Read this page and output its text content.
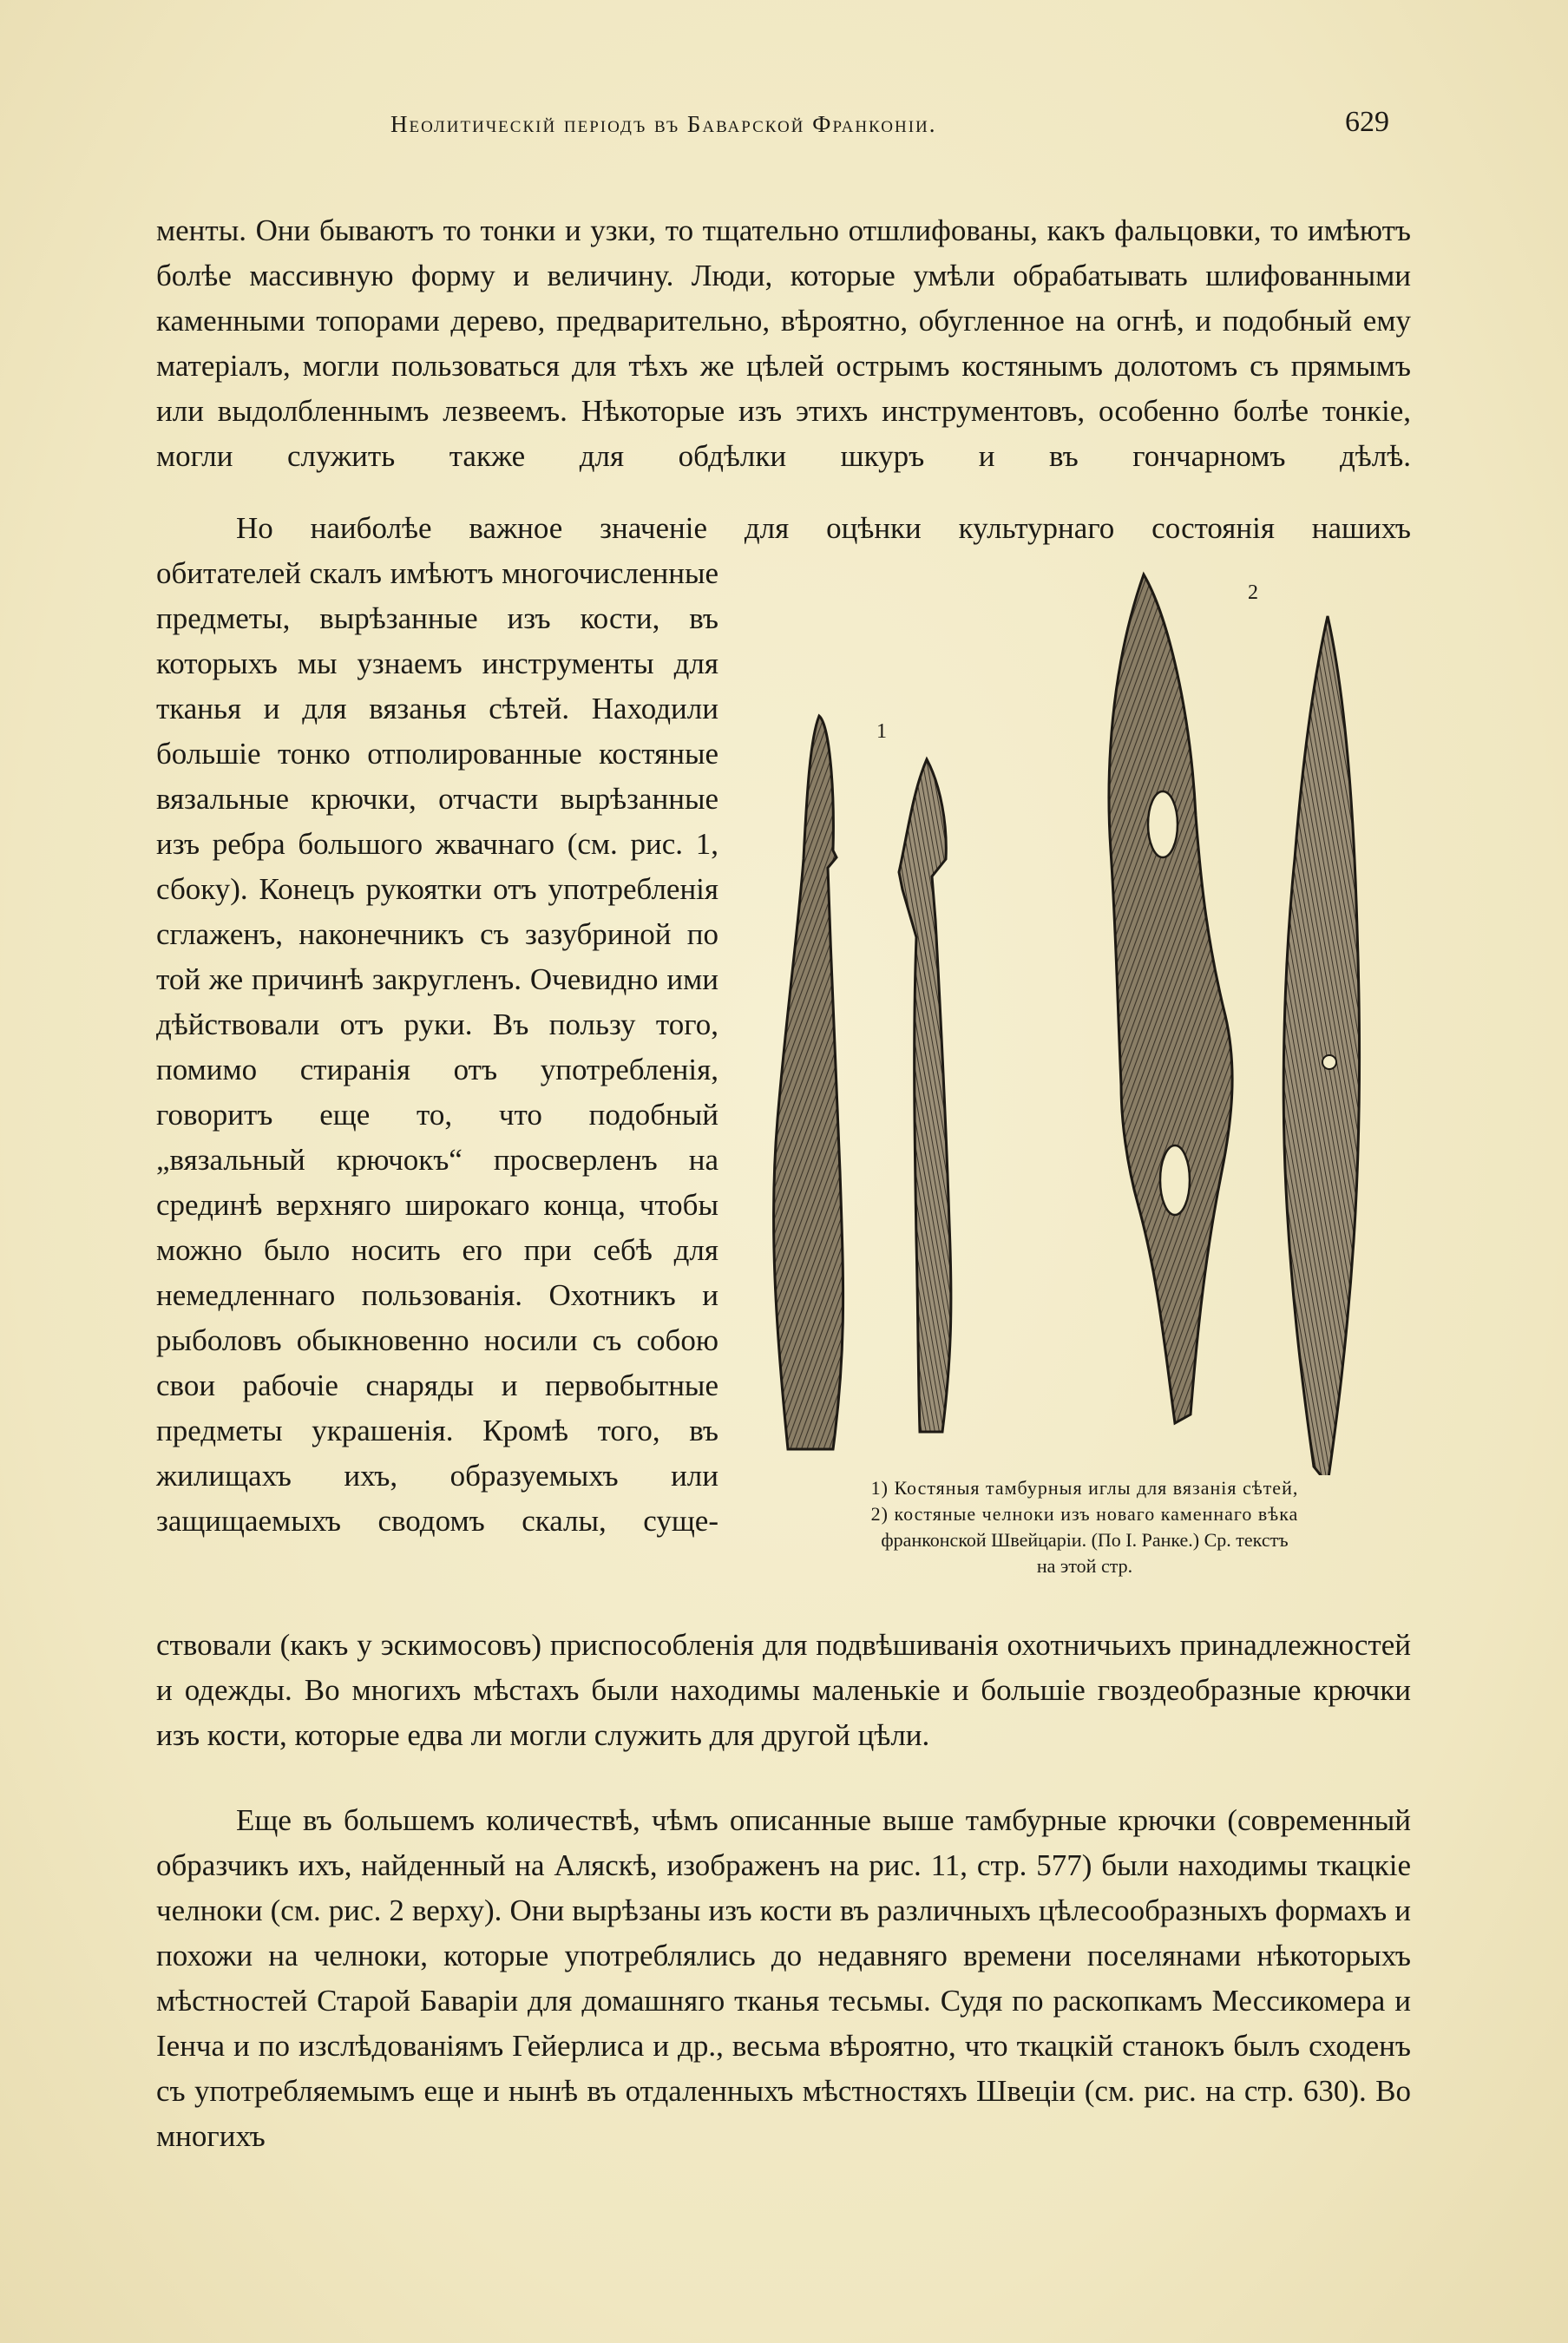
Неолитическій періодъ въ Баварской Франконіи.	629

менты. Они бываютъ то тонки и узки, то тщательно отшлифованы, какъ фальцовки, то имѣютъ болѣе массивную форму и величину. Люди, которые умѣли обрабатывать шлифованными каменными топорами дерево, предварительно, вѣроятно, обугленное на огнѣ, и подобный ему матеріалъ, могли пользоваться для тѣхъ же цѣлей острымъ костянымъ долотомъ съ прямымъ или выдолбленнымъ лезвеемъ. Нѣкоторые изъ этихъ инструментовъ, особенно болѣе тонкіе, могли служить также для обдѣлки шкуръ и въ гончарномъ дѣлѣ.

Но наиболѣе важное значеніе для оцѣнки культурнаго состоянія нашихъ

обитателей скалъ имѣютъ многочисленные предметы, вырѣзанные изъ кости, въ которыхъ мы узнаемъ инструменты для тканья и для вязанья сѣтей. Находили большіе тонко отполированные костяные вязальные крючки, отчасти вырѣзанные изъ ребра большого жвачнаго (см. рис. 1, сбоку). Конецъ рукоятки отъ употребленія сглаженъ, наконечникъ съ зазубриной по той же причинѣ закругленъ. Очевидно ими дѣйствовали отъ руки. Въ пользу того, помимо стиранія отъ употребленія, говоритъ еще то, что подобный „вязальный крючокъ“ просверленъ на срединѣ верхняго широкаго конца, чтобы можно было носить его при себѣ для немедленнаго пользованія. Охотникъ и рыболовъ обыкновенно носили съ собою свои рабочіе снаряды и первобытные предметы украшенія. Кромѣ того, въ жилищахъ ихъ, образуемыхъ или защищаемыхъ сводомъ скалы, суще-

ствовали (какъ у эскимосовъ) приспособленія для подвѣшиванія охотничьихъ принадлежностей и одежды. Во многихъ мѣстахъ были находимы маленькіе и большіе гвоздеобразные крючки изъ кости, которые едва ли могли служить для другой цѣли.

Еще въ большемъ количествѣ, чѣмъ описанные выше тамбурные крючки (современный образчикъ ихъ, найденный на Аляскѣ, изображенъ на рис. 11, стр. 577) были находимы ткацкіе челноки (см. рис. 2 верху). Они вырѣзаны изъ кости въ различныхъ цѣлесообразныхъ формахъ и похожи на челноки, которые употреблялись до недавняго времени поселянами нѣкоторыхъ мѣстностей Старой Баваріи для домашняго тканья тесьмы. Судя по раскопкамъ Мессикомера и Іенча и по изслѣдованіямъ Гейерлиса и др., весьма вѣроятно, что ткацкій станокъ былъ сходенъ съ употребляемымъ еще и нынѣ въ отдаленныхъ мѣстностяхъ Швеціи (см. рис. на стр. 630). Во многихъ

1
2
1) Костяныя тамбурныя иглы для вязанія сѣтей,
2) костяные челноки изъ новаго каменнаго вѣка
франконской Швейцаріи. (По І. Ранке.) Ср. текстъ
на этой стр.
